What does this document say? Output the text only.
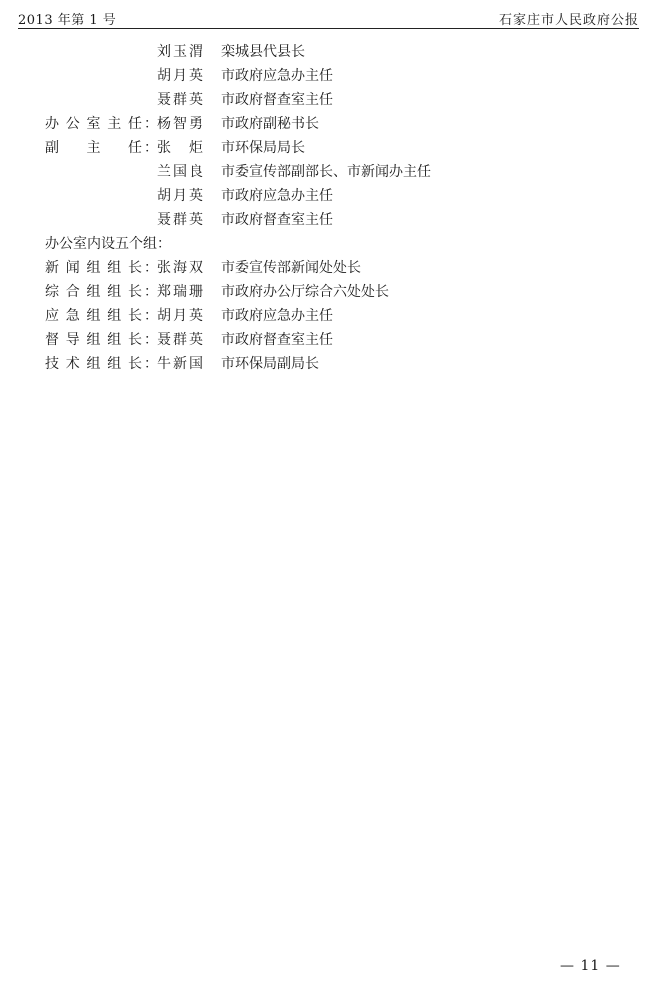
2013 年第 1 号	石家庄市人民政府公报
刘玉渭 栾城县代县长
胡月英 市政府应急办主任
聂群英 市政府督查室主任
办公室主任 ： 杨智勇 市政府副秘书长
副主任 ： 张　炬 市环保局局长
兰国良 市委宣传部副部长、市新闻办主任
胡月英 市政府应急办主任
聂群英 市政府督查室主任
办公室内设五个组：
新闻组组长 ： 张海双 市委宣传部新闻处处长
综合组组长 ： 郑瑞珊 市政府办公厅综合六处处长
应急组组长 ： 胡月英 市政府应急办主任
督导组组长 ： 聂群英 市政府督查室主任
技术组组长 ： 牛新国 市环保局副局长
— 11 —
